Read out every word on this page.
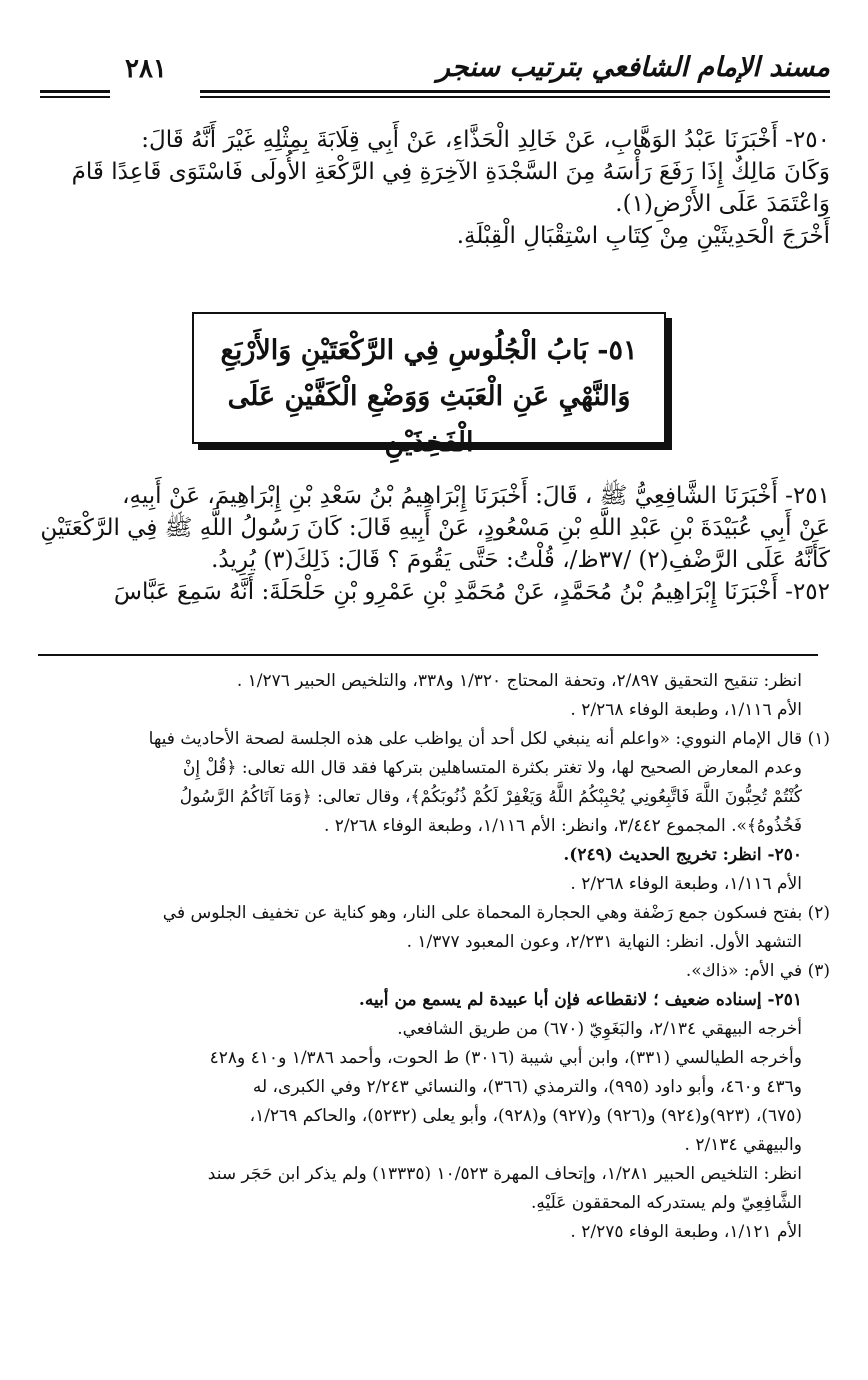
مسند الإمام الشافعي بترتيب سنجر
٢٨١

٢٥٠- أَخْبَرَنَا عَبْدُ الوَهَّابِ، عَنْ خَالِدِ الْحَذَّاءِ، عَنْ أَبِي قِلَابَةَ بِمِثْلِهِ غَيْرَ أَنَّهُ قَالَ:

وَكَانَ مَالِكٌ إِذَا رَفَعَ رَأْسَهُ مِنَ السَّجْدَةِ الآخِرَةِ فِي الرَّكْعَةِ الأُولَى فَاسْتَوَى قَاعِدًا قَامَ

وَاعْتَمَدَ عَلَى الأَرْضِ(١).

أَخْرَجَ الْحَدِيثَيْنِ مِنْ كِتَابِ اسْتِقْبَالِ الْقِبْلَةِ.

٥١- بَابُ الْجُلُوسِ فِي الرَّكْعَتَيْنِ وَالأَرْبَعِ
وَالنَّهْيِ عَنِ الْعَبَثِ وَوَضْعِ الْكَفَّيْنِ عَلَى الْفَخِذَيْنِ

٢٥١- أَخْبَرَنَا الشَّافِعِيُّ ﷺ ، قَالَ: أَخْبَرَنَا إِبْرَاهِيمُ بْنُ سَعْدِ بْنِ إِبْرَاهِيمَ، عَنْ أَبِيهِ،

عَنْ أَبِي عُبَيْدَةَ بْنِ عَبْدِ اللَّهِ بْنِ مَسْعُودٍ، عَنْ أَبِيهِ قَالَ: كَانَ رَسُولُ اللَّهِ ﷺ فِي الرَّكْعَتَيْنِ

كَأَنَّهُ عَلَى الرَّضْفِ(٢) /٣٧ظ/، قُلْتُ: حَتَّى يَقُومَ ؟ قَالَ: ذَلِكَ(٣) يُرِيدُ.

٢٥٢- أَخْبَرَنَا إِبْرَاهِيمُ بْنُ مُحَمَّدٍ، عَنْ مُحَمَّدِ بْنِ عَمْرِو بْنِ حَلْحَلَةَ: أَنَّهُ سَمِعَ عَبَّاسَ

انظر: تنقيح التحقيق ٢/٨٩٧، وتحفة المحتاج ١/٣٢٠ و٣٣٨، والتلخيص الحبير ١/٢٧٦ .

الأم ١/١١٦، وطبعة الوفاء ٢/٢٦٨ .

(١) قال الإمام النووي: «واعلم أنه ينبغي لكل أحد أن يواظب على هذه الجلسة لصحة الأحاديث فيها

وعدم المعارض الصحيح لها، ولا تغتر بكثرة المتساهلين بتركها فقد قال الله تعالى: ﴿قُلْ إِنْ

كُنْتُمْ تُحِبُّونَ اللَّهَ فَاتَّبِعُونِي يُحْبِبْكُمُ اللَّهُ وَيَغْفِرْ لَكُمْ ذُنُوبَكُمْ﴾، وقال تعالى: ﴿وَمَا آتَاكُمُ الرَّسُولُ

فَخُذُوهُ﴾». المجموع ٣/٤٤٢، وانظر: الأم ١/١١٦، وطبعة الوفاء ٢/٢٦٨ .

٢٥٠- انظر: تخريج الحديث (٢٤٩).

الأم ١/١١٦، وطبعة الوفاء ٢/٢٦٨ .

(٢) بفتح فسكون جمع رَضْفة وهي الحجارة المحماة على النار، وهو كناية عن تخفيف الجلوس في

التشهد الأول. انظر: النهاية ٢/٢٣١، وعون المعبود ١/٣٧٧ .

(٣) في الأم: «ذاك».

٢٥١- إسناده ضعيف ؛ لانقطاعه فإن أبا عبيدة لم يسمع من أبيه.

أخرجه البيهقي ٢/١٣٤، والبَغَوِيّ (٦٧٠) من طريق الشافعي.

وأخرجه الطيالسي (٣٣١)، وابن أبي شيبة (٣٠١٦) ط الحوت، وأحمد ١/٣٨٦ و٤١٠ و٤٢٨

و٤٣٦ و٤٦٠، وأبو داود (٩٩٥)، والترمذي (٣٦٦)، والنسائي ٢/٢٤٣ وفي الكبرى، له

(٦٧٥)، (٩٢٣)و(٩٢٤) و(٩٢٦) و(٩٢٧) و(٩٢٨)، وأبو يعلى (٥٢٣٢)، والحاكم ١/٢٦٩،

والبيهقي ٢/١٣٤ .

انظر: التلخيص الحبير ١/٢٨١، وإتحاف المهرة ١٠/٥٢٣ (١٣٣٣٥) ولم يذكر ابن حَجَر سند

الشَّافِعِيّ ولم يستدركه المحققون عَلَيْهِ.

الأم ١/١٢١، وطبعة الوفاء ٢/٢٧٥ .
